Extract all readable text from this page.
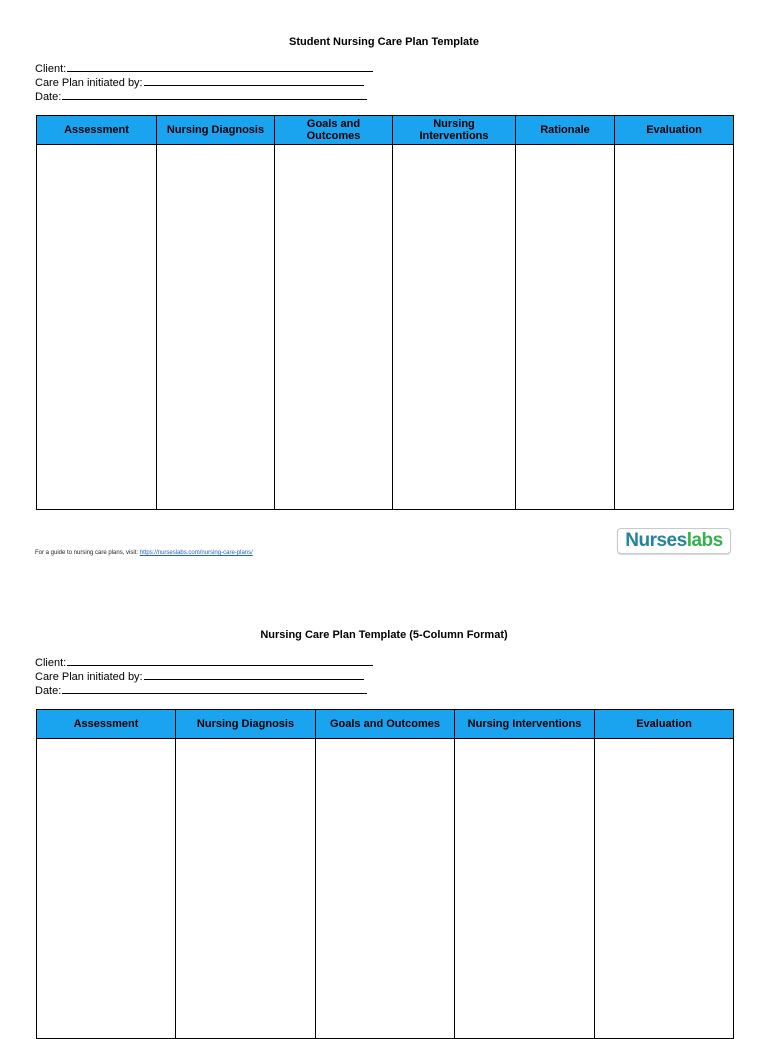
Student Nursing Care Plan Template
Client:
Care Plan initiated by:
Date:
Assessment	Nursing Diagnosis	Goals and Outcomes	Nursing Interventions	Rationale	Evaluation

For a guide to nursing care plans, visit: https://nurseslabs.com/nursing-care-plans/
Nurseslabs
Nursing Care Plan Template (5-Column Format)
Client:
Care Plan initiated by:
Date:
Assessment	Nursing Diagnosis	Goals and Outcomes	Nursing Interventions	Evaluation
